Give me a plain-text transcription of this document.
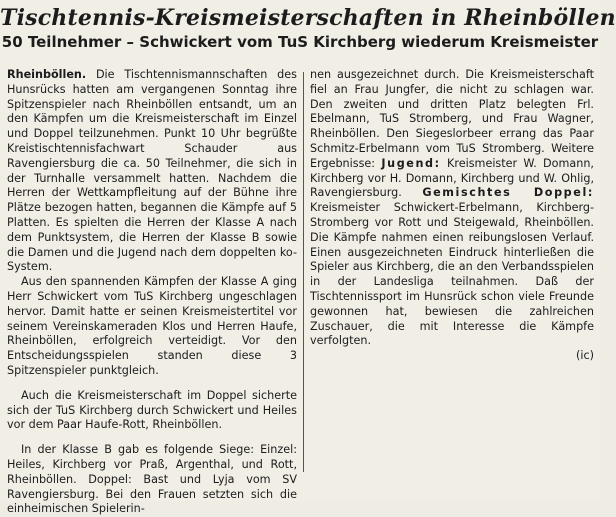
Tischtennis-Kreismeisterschaften in Rheinböllen
50 Teilnehmer – Schwickert vom TuS Kirchberg wiederum Kreismeister

Rheinböllen. Die Tischtennismannschaften des Hunsrücks hatten am vergangenen Sonntag ihre Spitzenspieler nach Rheinböllen entsandt, um an den Kämpfen um die Kreismeisterschaft im Einzel und Doppel teilzunehmen. Punkt 10 Uhr begrüßte Kreistischtennisfachwart Schauder aus Ravengiersburg die ca. 50 Teilnehmer, die sich in der Turnhalle versammelt hatten. Nachdem die Herren der Wettkampfleitung auf der Bühne ihre Plätze bezogen hatten, begannen die Kämpfe auf 5 Platten. Es spielten die Herren der Klasse A nach dem Punktsystem, die Herren der Klasse B sowie die Damen und die Jugend nach dem doppelten ko-System.

Aus den spannenden Kämpfen der Klasse A ging Herr Schwickert vom TuS Kirchberg ungeschlagen hervor. Damit hatte er seinen Kreismeistertitel vor seinem Vereinskameraden Klos und Herren Haufe, Rheinböllen, erfolgreich verteidigt. Vor den Entscheidungsspielen standen diese 3 Spitzenspieler punktgleich.

Auch die Kreismeisterschaft im Doppel sicherte sich der TuS Kirchberg durch Schwickert und Heiles vor dem Paar Haufe-Rott, Rheinböllen.

In der Klasse B gab es folgende Siege: Einzel: Heiles, Kirchberg vor Praß, Argenthal, und Rott, Rheinböllen. Doppel: Bast und Lyja vom SV Ravengiersburg. Bei den Frauen setzten sich die einheimischen Spielerin-

nen ausgezeichnet durch. Die Kreismeisterschaft fiel an Frau Jungfer, die nicht zu schlagen war. Den zweiten und dritten Platz belegten Frl. Ebelmann, TuS Stromberg, und Frau Wagner, Rheinböllen. Den Siegeslorbeer errang das Paar Schmitz-Erbelmann vom TuS Stromberg. Weitere Ergebnisse: Jugend: Kreismeister W. Domann, Kirchberg vor H. Domann, Kirchberg und W. Ohlig, Ravengiersburg. Gemischtes Doppel: Kreismeister Schwickert-Erbelmann, Kirchberg-Stromberg vor Rott und Steigewald, Rheinböllen. Die Kämpfe nahmen einen reibungslosen Verlauf. Einen ausgezeichneten Eindruck hinterließen die Spieler aus Kirchberg, die an den Verbandsspielen in der Landesliga teilnahmen. Daß der Tischtennissport im Hunsrück schon viele Freunde gewonnen hat, bewiesen die zahlreichen Zuschauer, die mit Interesse die Kämpfe verfolgten.
(ic)
